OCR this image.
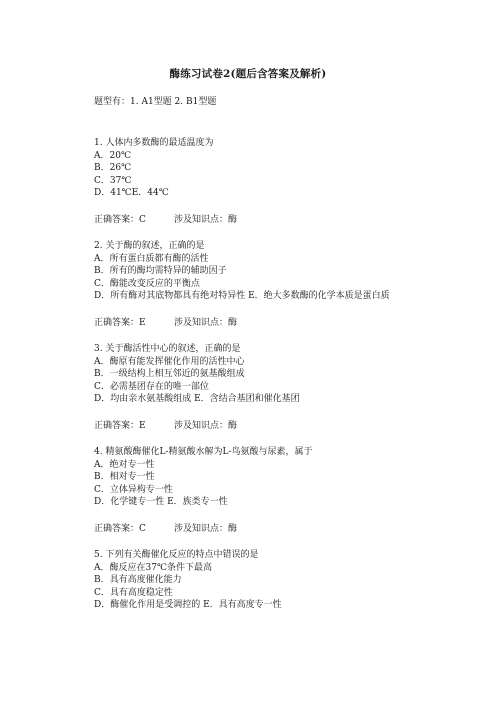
酶练习试卷2(题后含答案及解析)
题型有：1. A1型题 2. B1型题
1. 人体内多数酶的最适温度为
A．20℃
B．26℃
C．37℃
D．41℃E．44℃
正确答案：C	涉及知识点：酶
2. 关于酶的叙述，正确的是
A．所有蛋白质都有酶的活性
B．所有的酶均需特异的辅助因子
C．酶能改变反应的平衡点
D．所有酶对其底物都具有绝对特异性 E．绝大多数酶的化学本质是蛋白质
正确答案：E	涉及知识点：酶
3. 关于酶活性中心的叙述，正确的是
A．酶原有能发挥催化作用的活性中心
B．一级结构上相互邻近的氨基酸组成
C．必需基团存在的唯一部位
D．均由亲水氨基酸组成 E．含结合基团和催化基团
正确答案：E	涉及知识点：酶
4. 精氨酸酶催化L-精氨酸水解为L-鸟氨酸与尿素，属于
A．绝对专一性
B．相对专一性
C．立体异构专一性
D．化学键专一性 E．族类专一性
正确答案：C	涉及知识点：酶
5. 下列有关酶催化反应的特点中错误的是
A．酶反应在37℃条件下最高
B．具有高度催化能力
C．具有高度稳定性
D．酶催化作用是受调控的 E．具有高度专一性
